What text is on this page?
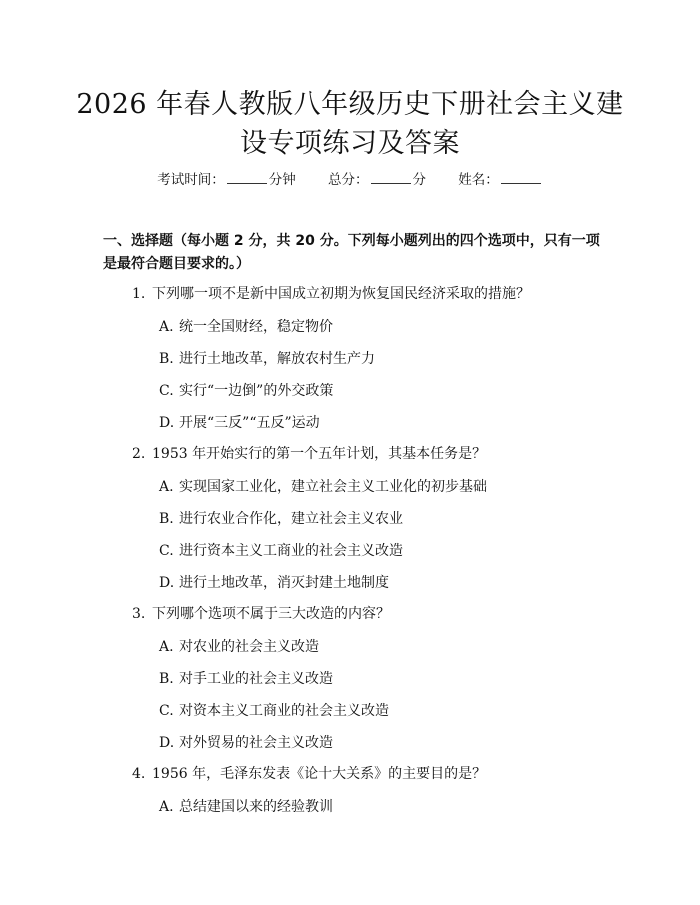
2026 年春人教版八年级历史下册社会主义建
设专项练习及答案
考试时间：	分钟 总分：	分 姓名：
一、选择题（每小题 2 分，共 20 分。下列每小题列出的四个选项中，只有一项是最符合题目要求的。）
1. 下列哪一项不是新中国成立初期为恢复国民经济采取的措施？
A. 统一全国财经，稳定物价
B. 进行土地改革，解放农村生产力
C. 实行“一边倒”的外交政策
D. 开展“三反”“五反”运动
2. 1953 年开始实行的第一个五年计划，其基本任务是？
A. 实现国家工业化，建立社会主义工业化的初步基础
B. 进行农业合作化，建立社会主义农业
C. 进行资本主义工商业的社会主义改造
D. 进行土地改革，消灭封建土地制度
3. 下列哪个选项不属于三大改造的内容？
A. 对农业的社会主义改造
B. 对手工业的社会主义改造
C. 对资本主义工商业的社会主义改造
D. 对外贸易的社会主义改造
4. 1956 年，毛泽东发表《论十大关系》的主要目的是？
A. 总结建国以来的经验教训
